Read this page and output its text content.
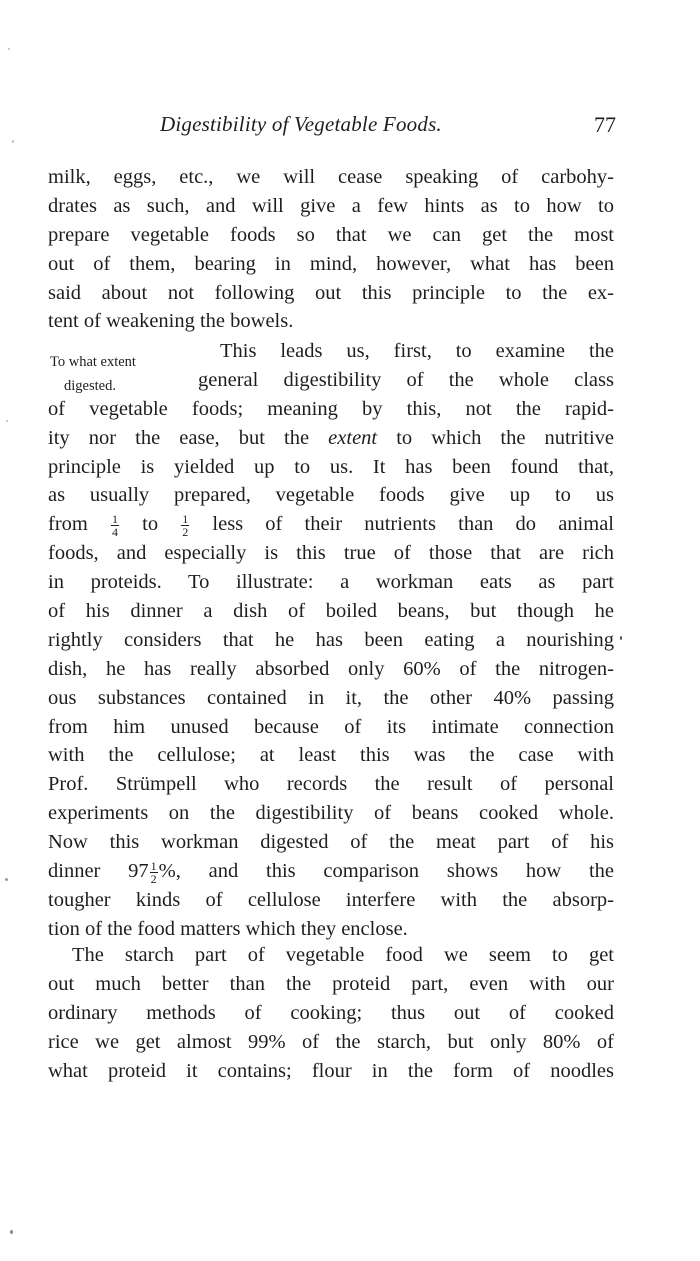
Digestibility of Vegetable Foods.	77
milk, eggs, etc., we will cease speaking of carbohy-
drates as such, and will give a few hints as to how to
prepare vegetable foods so that we can get the most
out of them, bearing in mind, however, what has been
said about not following out this principle to the ex-
tent of weakening the bowels.
To what extent
digested.
This leads us, first, to examine the
general digestibility of the whole class
of vegetable foods; meaning by this, not the rapid-
ity nor the ease, but the extent to which the nutritive
principle is yielded up to us. It has been found that,
as usually prepared, vegetable foods give up to us
from $\frac{1}{4}$ to $\frac{1}{2}$ less of their nutrients than do animal
foods, and especially is this true of those that are rich
in proteids. To illustrate: a workman eats as part
of his dinner a dish of boiled beans, but though he
rightly considers that he has been eating a nourishing
dish, he has really absorbed only 60% of the nitrogen-
ous substances contained in it, the other 40% passing
from him unused because of its intimate connection
with the cellulose; at least this was the case with
Prof. Strümpell who records the result of personal
experiments on the digestibility of beans cooked whole.
Now this workman digested of the meat part of his
dinner $97 \frac{1}{2}$ %, and this comparison shows how the
tougher kinds of cellulose interfere with the absorp-
tion of the food matters which they enclose.
The starch part of vegetable food we seem to get
out much better than the proteid part, even with our
ordinary methods of cooking; thus out of cooked
rice we get almost 99% of the starch, but only 80% of
what proteid it contains; flour in the form of noodles
